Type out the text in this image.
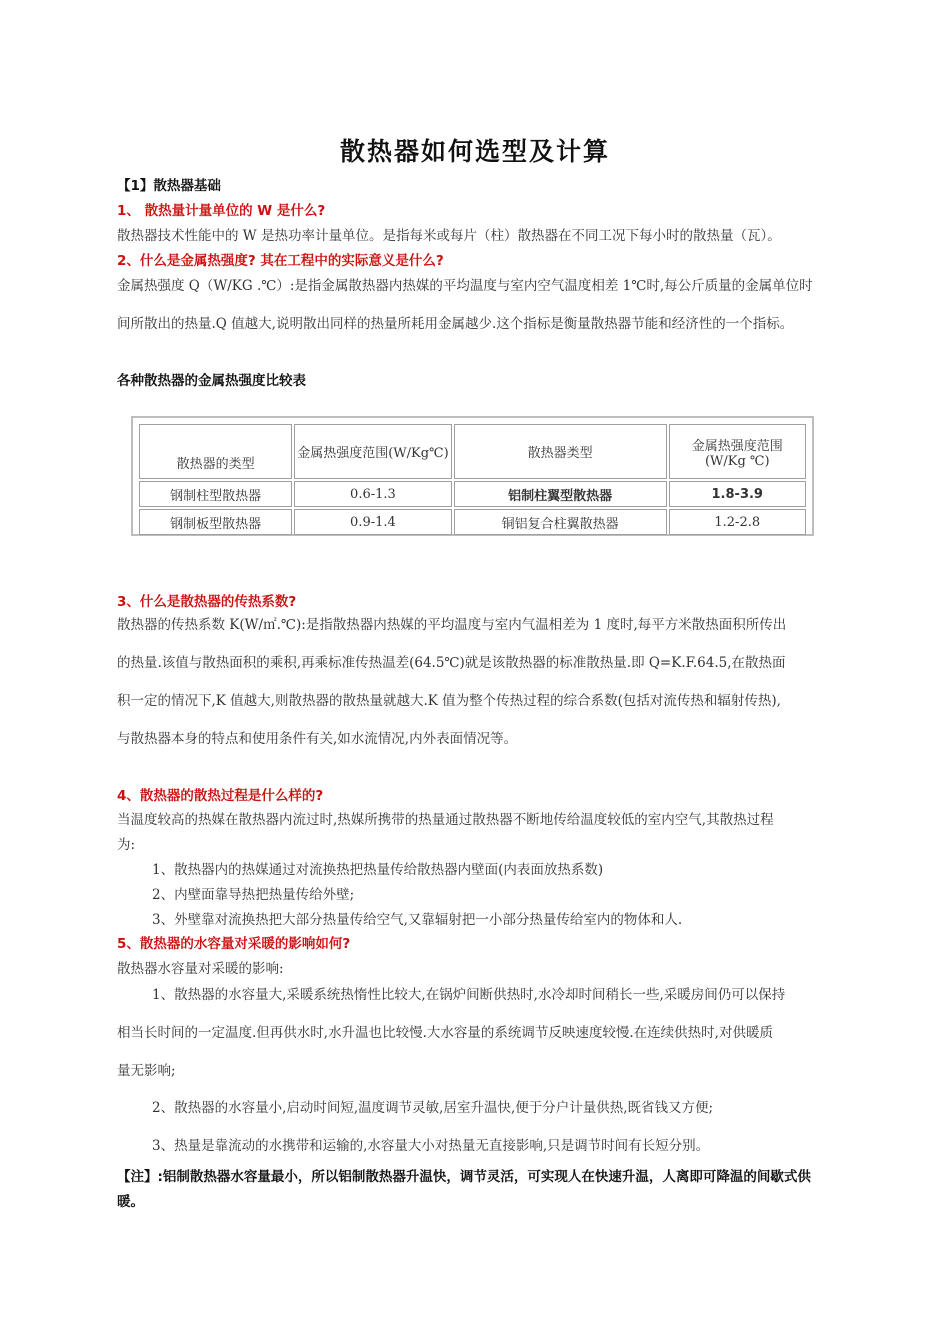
散热器如何选型及计算
【1】散热器基础
1、 散热量计量单位的 W 是什么?
散热器技术性能中的 W 是热功率计量单位。是指每米或每片（柱）散热器在不同工况下每小时的散热量（瓦）。
2、什么是金属热强度? 其在工程中的实际意义是什么?
金属热强度 Q（W/KG .℃）:是指金属散热器内热媒的平均温度与室内空气温度相差 1℃时,每公斤质量的金属单位时
间所散出的热量.Q 值越大,说明散出同样的热量所耗用金属越少.这个指标是衡量散热器节能和经济性的一个指标。
各种散热器的金属热强度比较表
散热器的类型	金属热强度范围(W/Kg℃)	散热器类型	金属热强度范围(W/Kg ℃)
钢制柱型散热器	0.6-1.3	铝制柱翼型散热器	1.8-3.9
钢制板型散热器	0.9-1.4	铜铝复合柱翼散热器	1.2-2.8
3、什么是散热器的传热系数?
散热器的传热系数 K(W/㎡.℃):是指散热器内热媒的平均温度与室内气温相差为 1 度时,每平方米散热面积所传出
的热量.该值与散热面积的乘积,再乘标准传热温差(64.5℃)就是该散热器的标准散热量.即 Q=K.F.64.5,在散热面
积一定的情况下,K 值越大,则散热器的散热量就越大.K 值为整个传热过程的综合系数(包括对流传热和辐射传热),
与散热器本身的特点和使用条件有关,如水流情况,内外表面情况等。
4、散热器的散热过程是什么样的?
当温度较高的热媒在散热器内流过时,热媒所携带的热量通过散热器不断地传给温度较低的室内空气,其散热过程
为:
1、散热器内的热媒通过对流换热把热量传给散热器内壁面(内表面放热系数)
2、内壁面靠导热把热量传给外壁;
3、外壁靠对流换热把大部分热量传给空气,又靠辐射把一小部分热量传给室内的物体和人.
5、散热器的水容量对采暖的影响如何?
散热器水容量对采暖的影响:
1、散热器的水容量大,采暖系统热惰性比较大,在锅炉间断供热时,水冷却时间稍长一些,采暖房间仍可以保持
相当长时间的一定温度.但再供水时,水升温也比较慢.大水容量的系统调节反映速度较慢.在连续供热时,对供暖质
量无影响;
2、散热器的水容量小,启动时间短,温度调节灵敏,居室升温快,便于分户计量供热,既省钱又方便;
3、热量是靠流动的水携带和运输的,水容量大小对热量无直接影响,只是调节时间有长短分别。
【注】:铝制散热器水容量最小，所以铝制散热器升温快，调节灵活，可实现人在快速升温，人离即可降温的间歇式供
暖。
